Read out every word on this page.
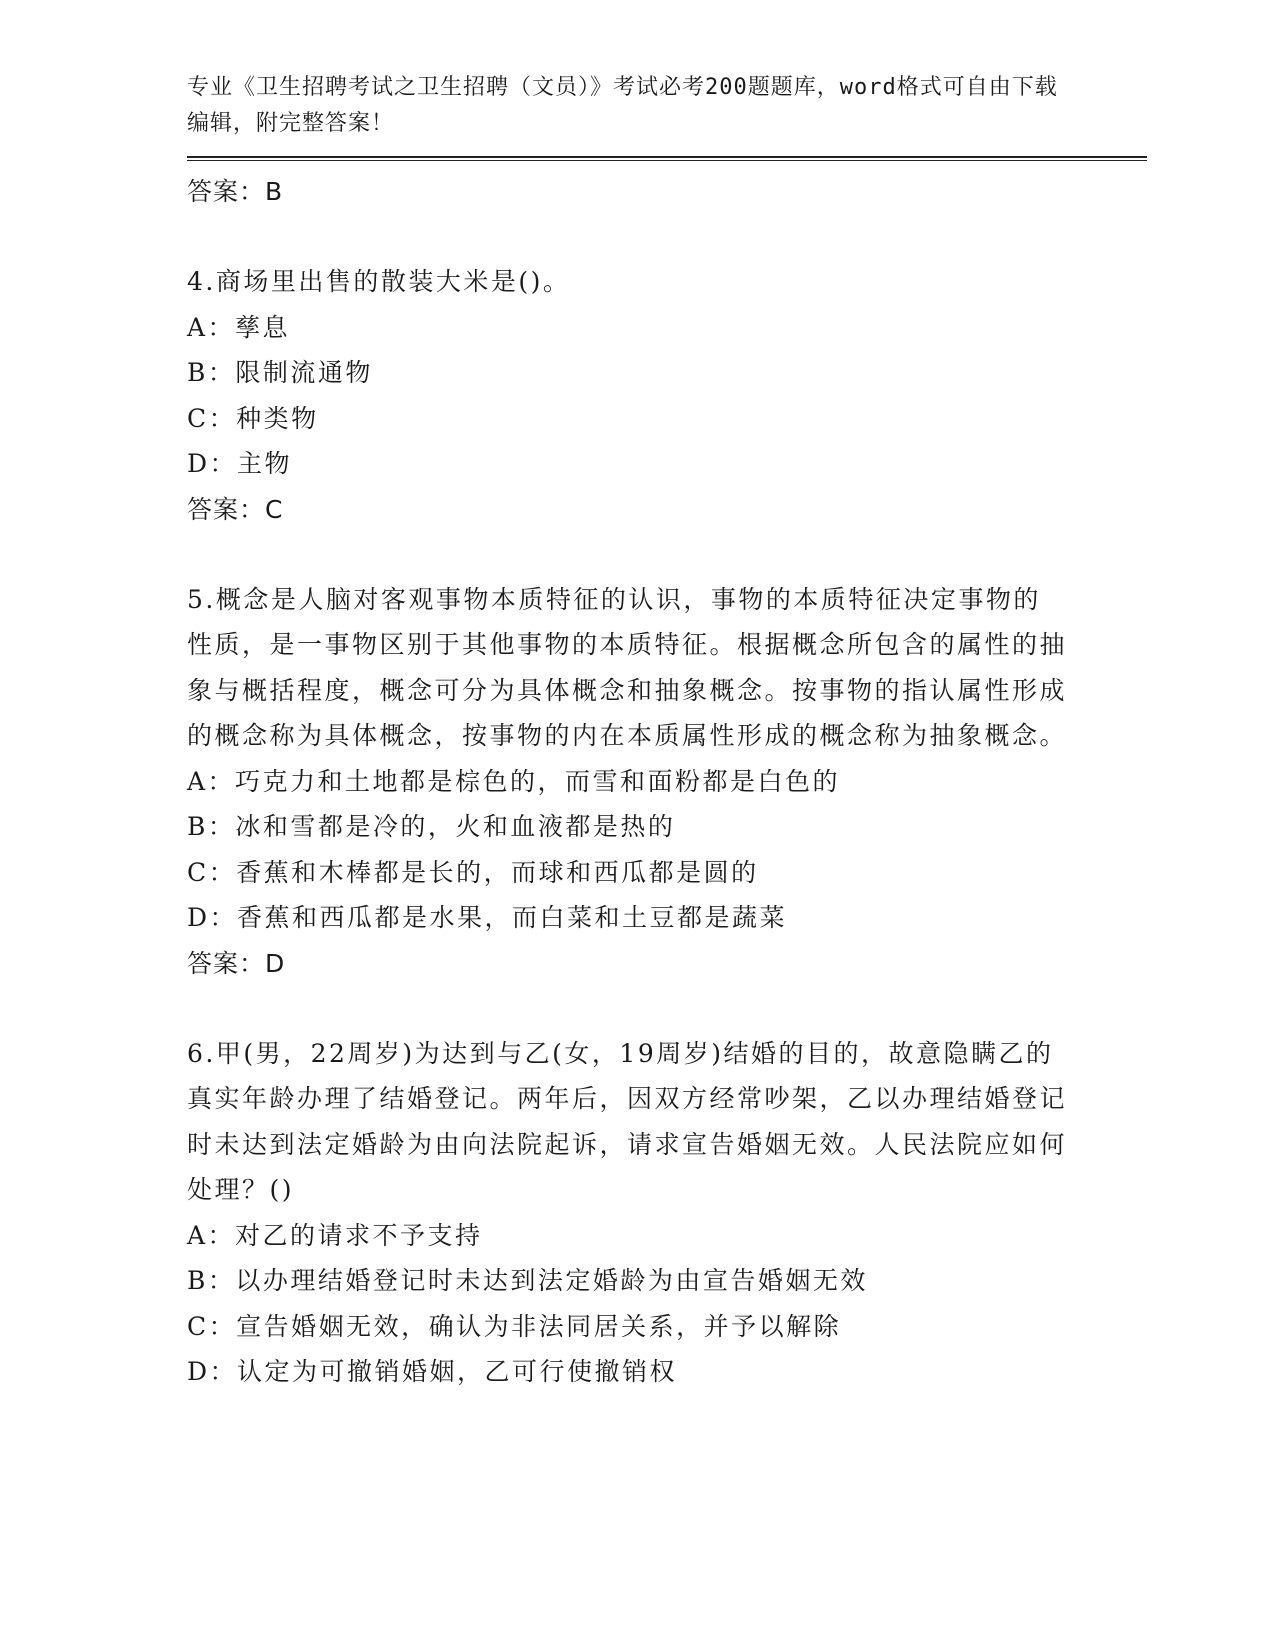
专业《卫生招聘考试之卫生招聘（文员）》考试必考200题题库，word格式可自由下载编辑，附完整答案！
答案：B
4.商场里出售的散装大米是()。
A：孳息
B：限制流通物
C：种类物
D：主物
答案：C
5.概念是人脑对客观事物本质特征的认识，事物的本质特征决定事物的性质，是一事物区别于其他事物的本质特征。根据概念所包含的属性的抽象与概括程度，概念可分为具体概念和抽象概念。按事物的指认属性形成的概念称为具体概念，按事物的内在本质属性形成的概念称为抽象概念。
A：巧克力和土地都是棕色的，而雪和面粉都是白色的
B：冰和雪都是冷的，火和血液都是热的
C：香蕉和木棒都是长的，而球和西瓜都是圆的
D：香蕉和西瓜都是水果，而白菜和土豆都是蔬菜
答案：D
6.甲(男，22周岁)为达到与乙(女，19周岁)结婚的目的，故意隐瞒乙的真实年龄办理了结婚登记。两年后，因双方经常吵架，乙以办理结婚登记时未达到法定婚龄为由向法院起诉，请求宣告婚姻无效。人民法院应如何处理？()
A：对乙的请求不予支持
B：以办理结婚登记时未达到法定婚龄为由宣告婚姻无效
C：宣告婚姻无效，确认为非法同居关系，并予以解除
D：认定为可撤销婚姻，乙可行使撤销权
